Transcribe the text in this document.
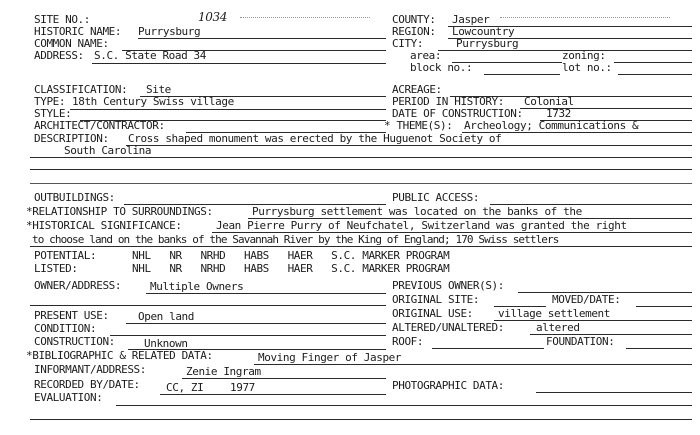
SITE NO.:	1034
HISTORIC NAME: Purrysburg
COMMON NAME:
ADDRESS: S.C. State Road 34
CLASSIFICATION: Site
TYPE: 18th Century Swiss village
STYLE:
ARCHITECT/CONTRACTOR:
DESCRIPTION: Cross shaped monument was erected by the Huguenot Society of
South Carolina
COUNTY: Jasper
REGION: Lowcountry
CITY:	Purrysburg
area:	zoning:
block no.:	lot no.:
ACREAGE:
PERIOD IN HISTORY: Colonial
DATE OF CONSTRUCTION: 1732
* THEME(S): Archeology; Communications &
OUTBUILDINGS:	PUBLIC ACCESS:
*RELATIONSHIP TO SURROUNDINGS:	Purrysburg settlement was located on the banks of the
*HISTORICAL SIGNIFICANCE:	Jean Pierre Purry of Neufchatel, Switzerland was granted the right
to choose land on the banks of the Savannah River by the King of England; 170 Swiss settlers
POTENTIAL:	NHL   NR   NRHD   HABS   HAER   S.C. MARKER PROGRAM
LISTED:	NHL   NR   NRHD   HABS   HAER   S.C. MARKER PROGRAM
OWNER/ADDRESS:	Multiple Owners	PREVIOUS OWNER(S):
ORIGINAL SITE:	MOVED/DATE:
PRESENT USE:	Open land	ORIGINAL USE: village settlement
CONDITION:	ALTERED/UNALTERED:	altered
CONSTRUCTION:	Unknown	ROOF:	FOUNDATION:
*BIBLIOGRAPHIC & RELATED DATA:	Moving Finger of Jasper
INFORMANT/ADDRESS:	Zenie Ingram
RECORDED BY/DATE: CC, ZI 1977	PHOTOGRAPHIC DATA:
EVALUATION:
